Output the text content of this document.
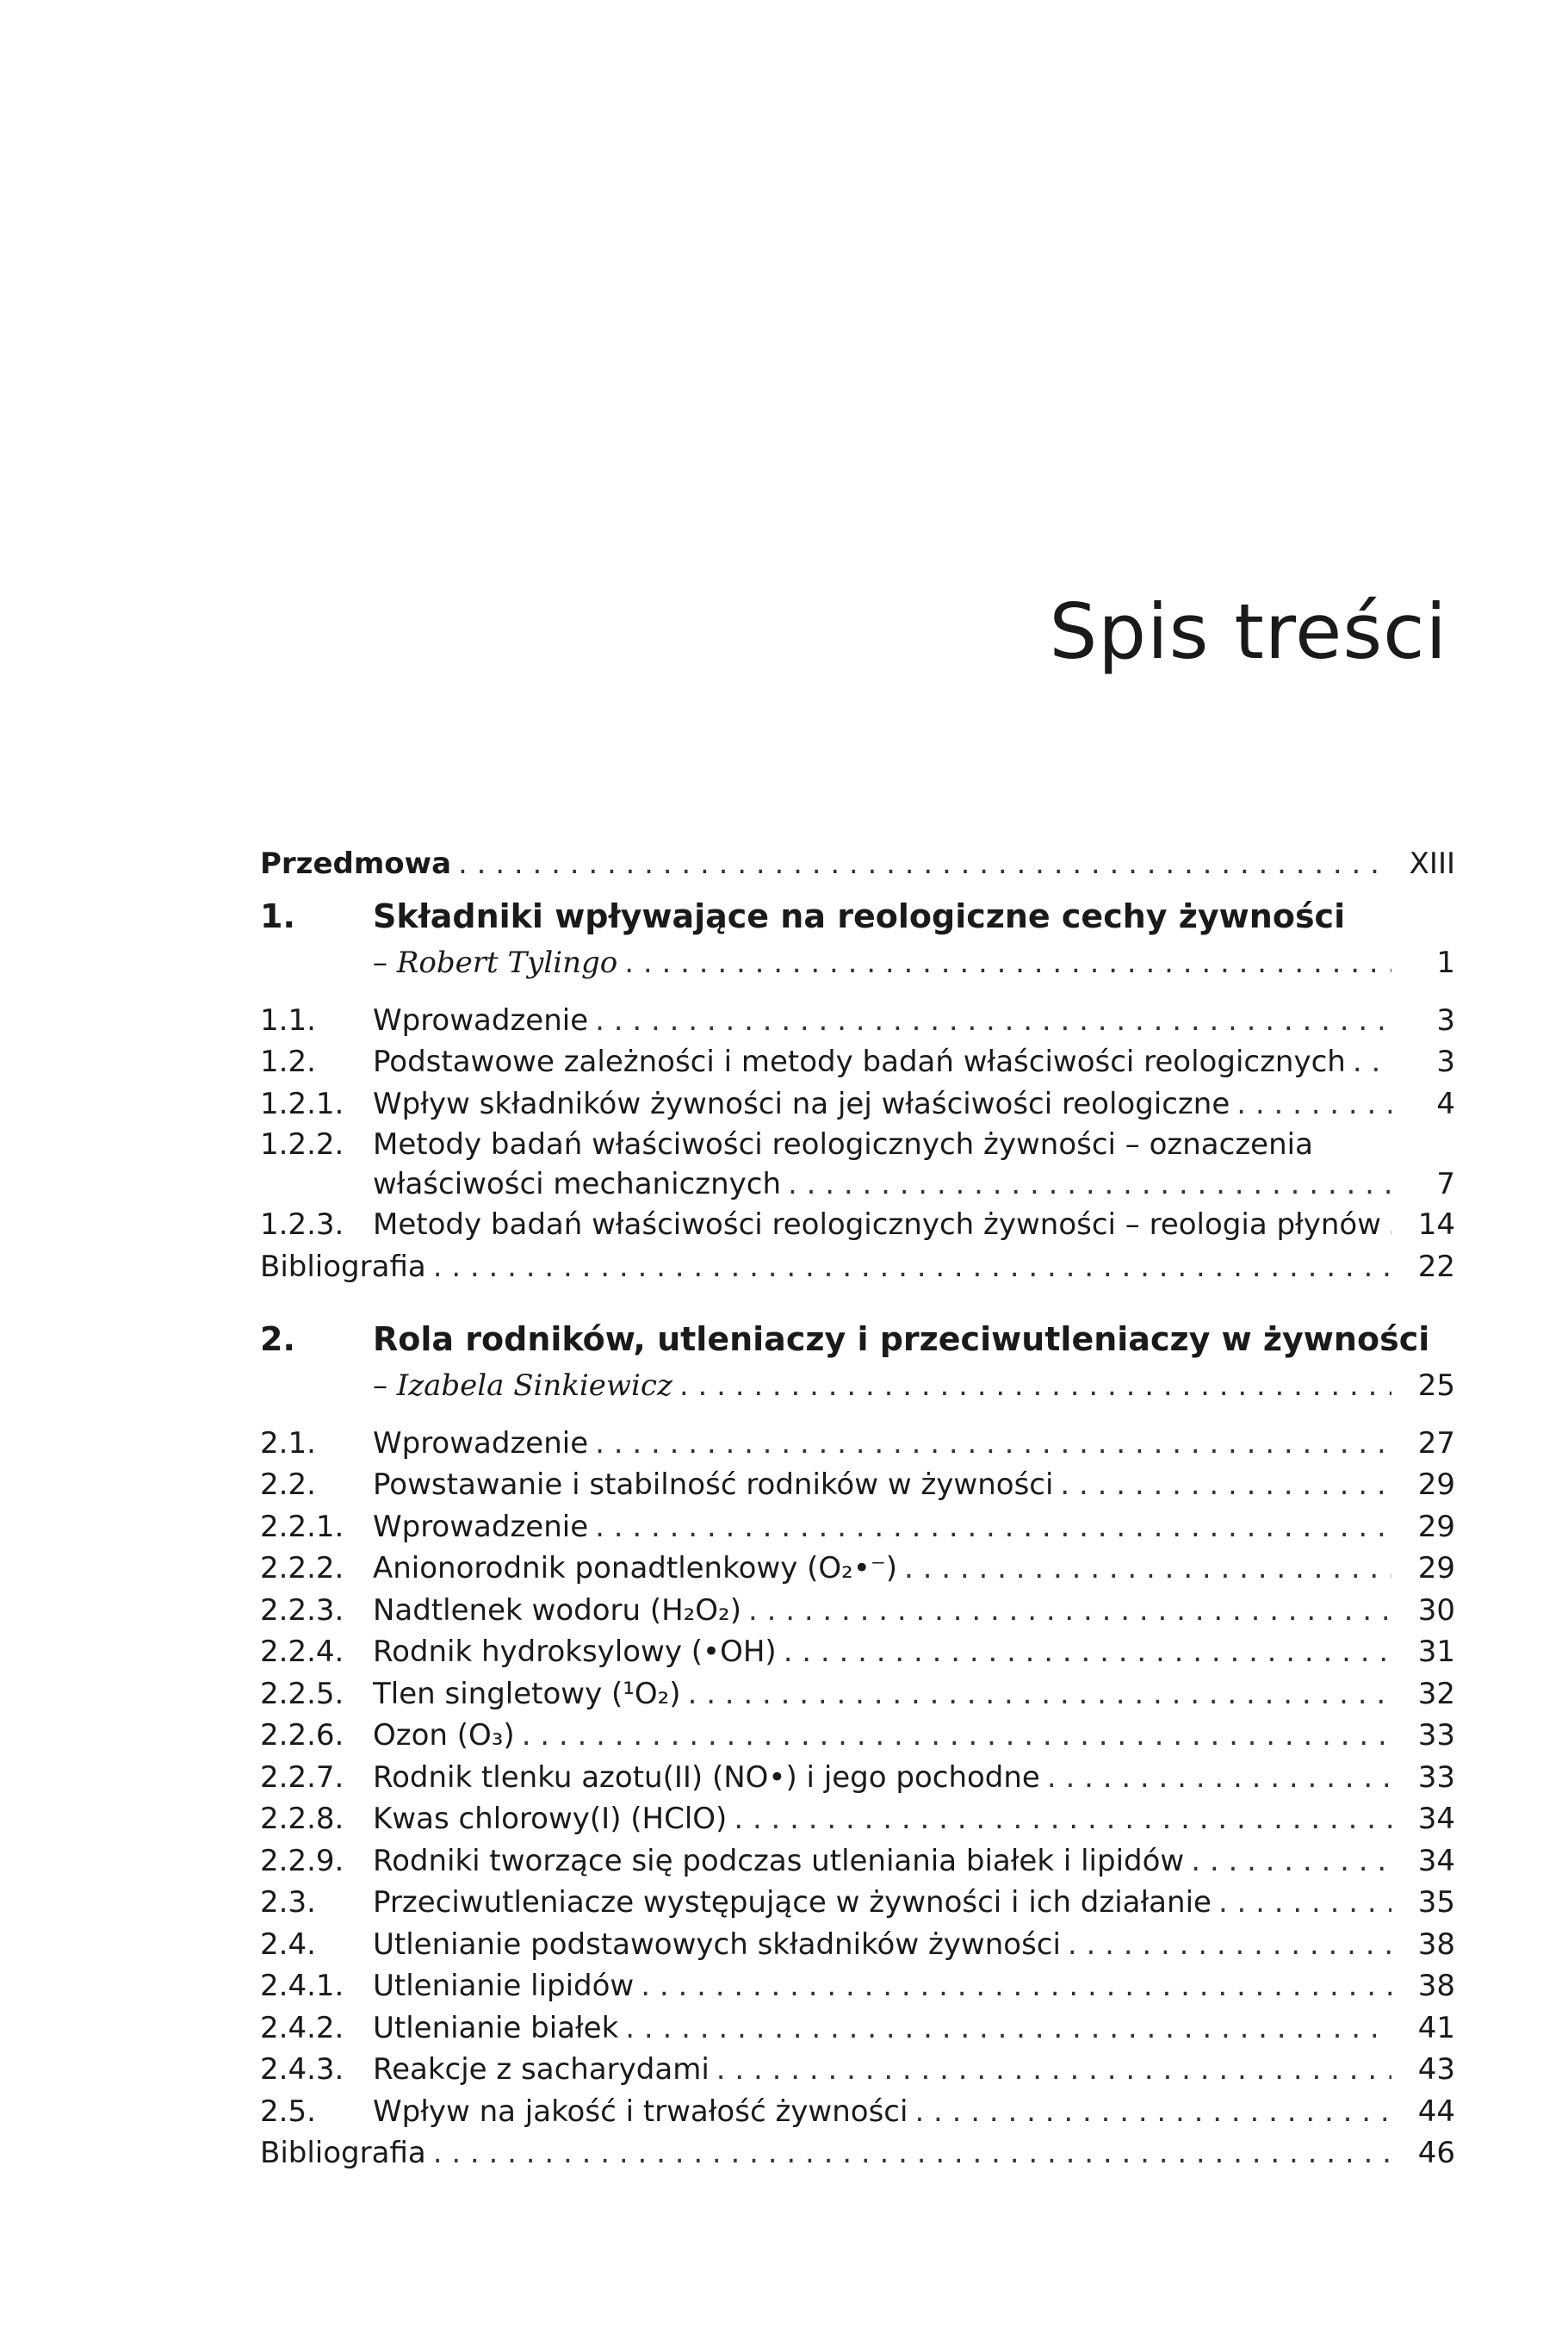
Spis treści
Przedmowa . . .	XIII
1. Składniki wpływające na reologiczne cechy żywności
– Robert Tylingo . . .	1
1.1. Wprowadzenie . . .	3
1.2. Podstawowe zależności i metody badań właściwości reologicznych . . .	3
1.2.1. Wpływ składników żywności na jej właściwości reologiczne . . .	4
1.2.2. Metody badań właściwości reologicznych żywności – oznaczenia
właściwości mechanicznych . . .	7
1.2.3. Metody badań właściwości reologicznych żywności – reologia płynów . . .	14
Bibliografia . . .	22
2. Rola rodników, utleniaczy i przeciwutleniaczy w żywności
– Izabela Sinkiewicz . . .	25
2.1. Wprowadzenie . . .	27
2.2. Powstawanie i stabilność rodników w żywności . . .	29
2.2.1. Wprowadzenie . . .	29
2.2.2. Anionorodnik ponadtlenkowy (O₂•⁻) . . .	29
2.2.3. Nadtlenek wodoru (H₂O₂) . . .	30
2.2.4. Rodnik hydroksylowy (•OH) . . .	31
2.2.5. Tlen singletowy (¹O₂) . . .	32
2.2.6. Ozon (O₃) . . .	33
2.2.7. Rodnik tlenku azotu(II) (NO•) i jego pochodne . . .	33
2.2.8. Kwas chlorowy(I) (HClO) . . .	34
2.2.9. Rodniki tworzące się podczas utleniania białek i lipidów . . .	34
2.3. Przeciwutleniacze występujące w żywności i ich działanie . . .	35
2.4. Utlenianie podstawowych składników żywności . . .	38
2.4.1. Utlenianie lipidów . . .	38
2.4.2. Utlenianie białek . . .	41
2.4.3. Reakcje z sacharydami . . .	43
2.5. Wpływ na jakość i trwałość żywności . . .	44
Bibliografia . . .	46
